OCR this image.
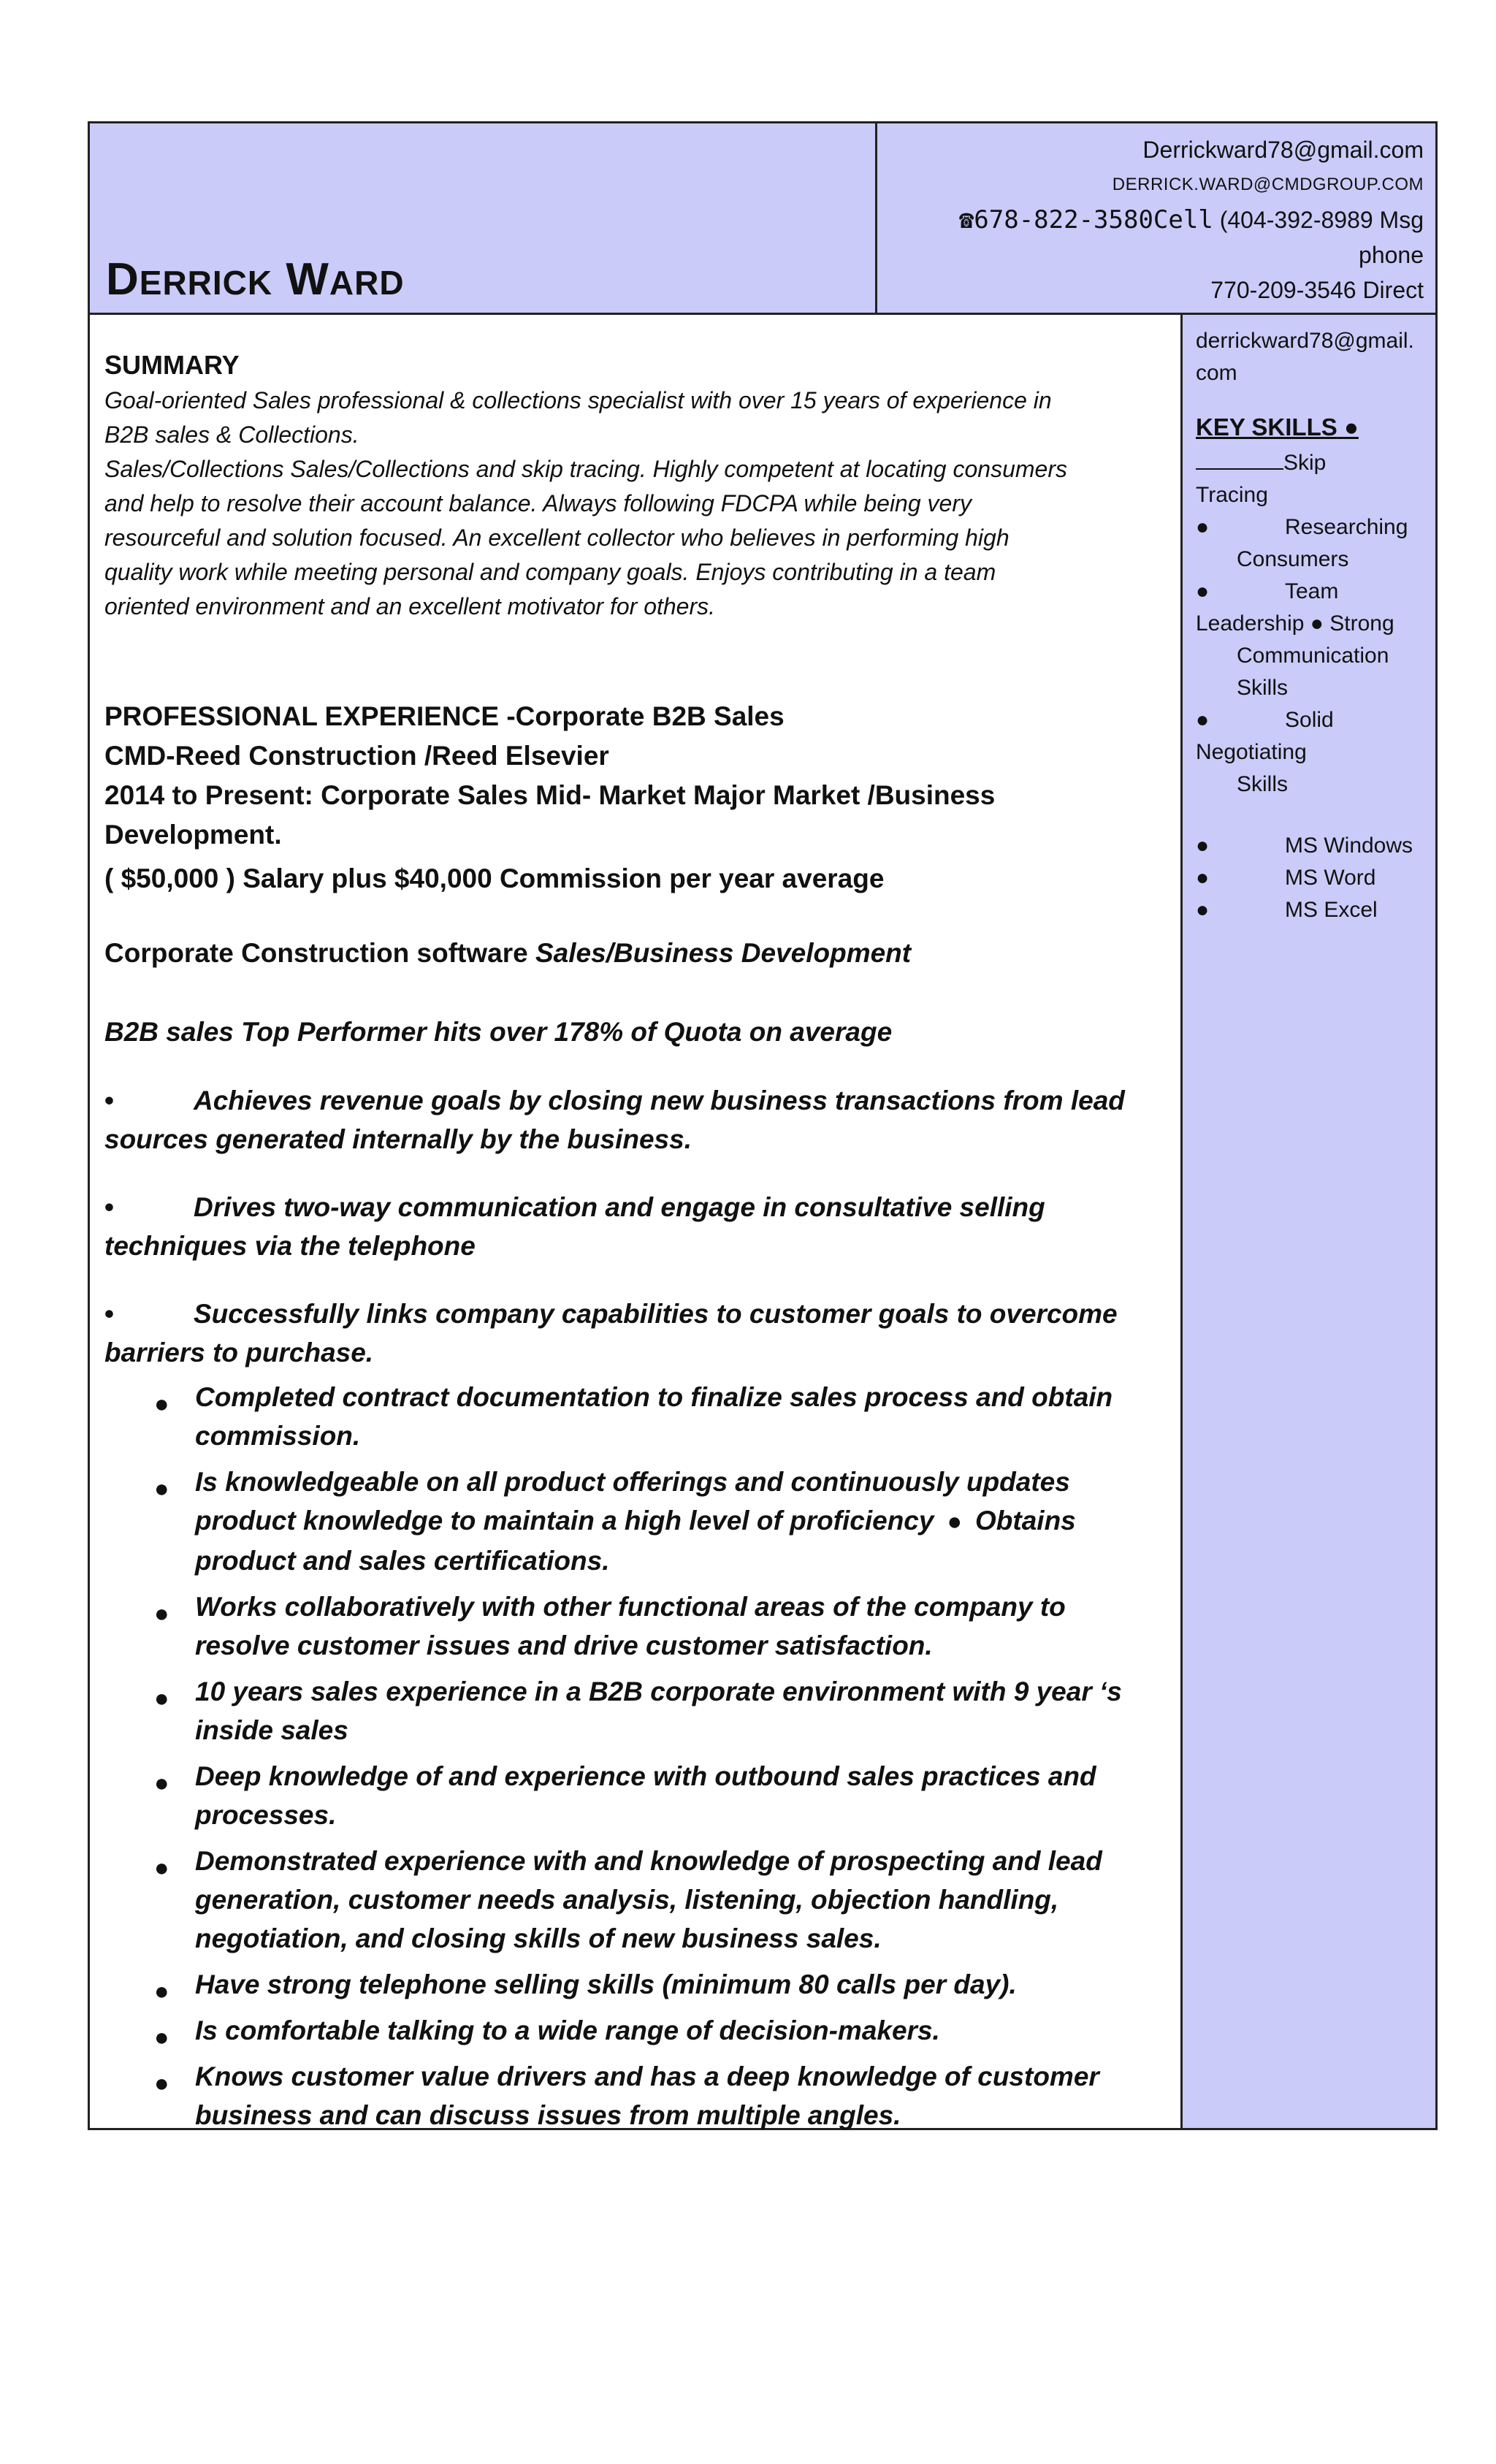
DERRICK WARD
Derrickward78@gmail.com
DERRICK.WARD@CMDGROUP.COM
☎678-822-3580Cell (404-392-8989 Msg
phone
770-209-3546 Direct
SUMMARY
Goal-oriented Sales professional & collections specialist with over 15 years of experience in
B2B sales & Collections.
Sales/Collections Sales/Collections and skip tracing. Highly competent at locating consumers
and help to resolve their account balance. Always following FDCPA while being very
resourceful and solution focused. An excellent collector who believes in performing high
quality work while meeting personal and company goals. Enjoys contributing in a team
oriented environment and an excellent motivator for others.
PROFESSIONAL EXPERIENCE -Corporate B2B Sales
CMD-Reed Construction /Reed Elsevier
2014 to Present: Corporate Sales Mid- Market Major Market /Business
Development.
( $50,000 ) Salary plus $40,000 Commission per year average
Corporate Construction software Sales/Business Development
B2B sales Top Performer hits over 178% of Quota on average
•	Achieves revenue goals by closing new business transactions from lead
sources generated internally by the business.
•	Drives two-way communication and engage in consultative selling
techniques via the telephone
•	Successfully links company capabilities to customer goals to overcome
barriers to purchase.
● Completed contract documentation to finalize sales process and obtain commission.
● Is knowledgeable on all product offerings and continuously updates product knowledge to maintain a high level of proficiency ● Obtains product and sales certifications.
● Works collaboratively with other functional areas of the company to resolve customer issues and drive customer satisfaction.
● 10 years sales experience in a B2B corporate environment with 9 year ‘s inside sales
● Deep knowledge of and experience with outbound sales practices and processes.
● Demonstrated experience with and knowledge of prospecting and lead generation, customer needs analysis, listening, objection handling, negotiation, and closing skills of new business sales.
● Have strong telephone selling skills (minimum 80 calls per day).
● Is comfortable talking to a wide range of decision-makers.
● Knows customer value drivers and has a deep knowledge of customer business and can discuss issues from multiple angles.
derrickward78@gmail.
com
KEY SKILLS ●
Skip
Tracing
●	Researching
Consumers
●	Team
Leadership ● Strong
Communication
Skills
●	Solid
Negotiating
Skills
●	MS Windows
●	MS Word
●	MS Excel
